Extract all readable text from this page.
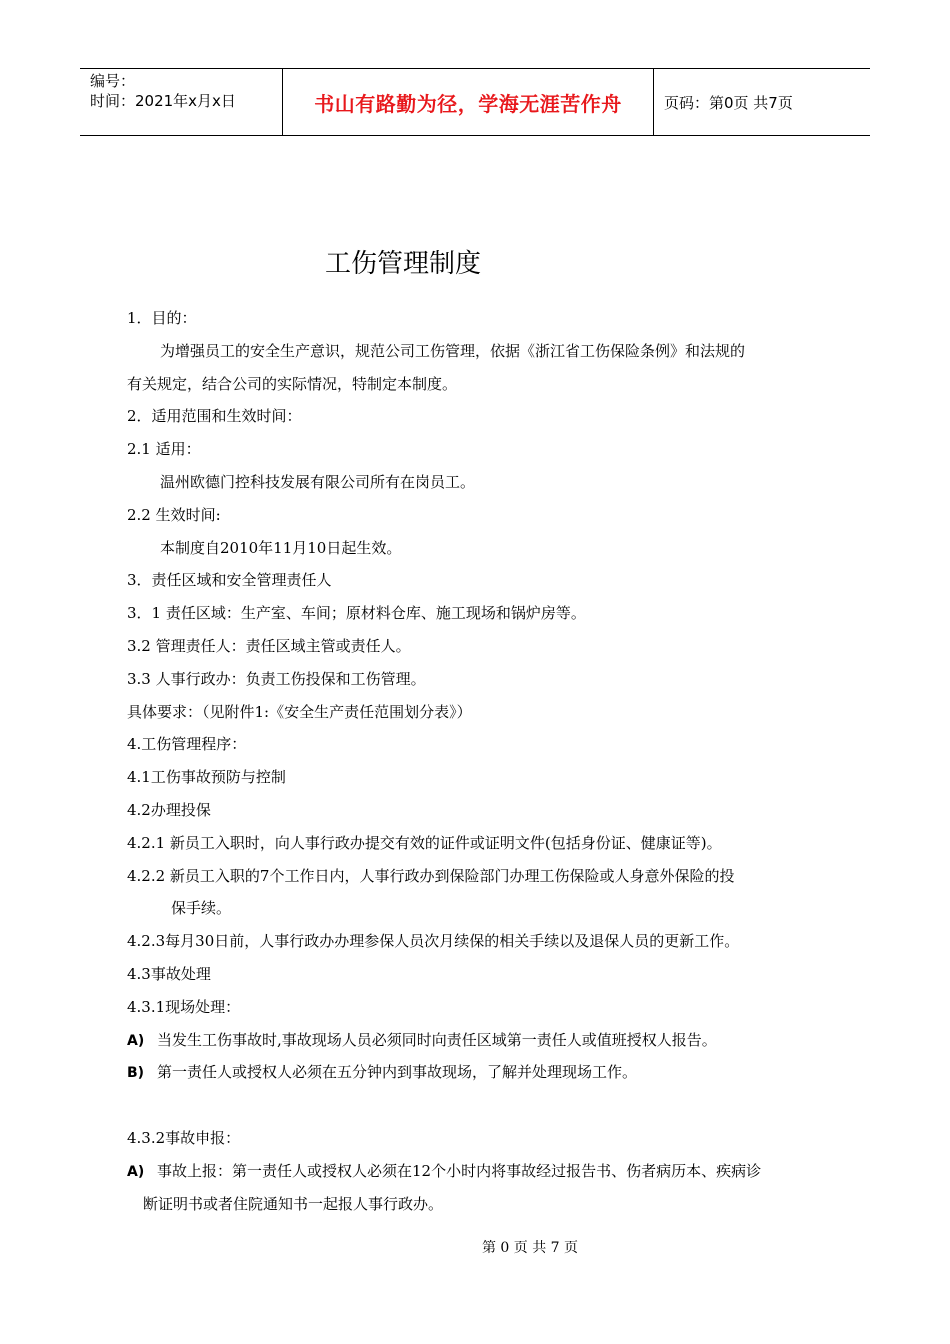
编号：
时间：2021年x月x日	书山有路勤为径，学海无涯苦作舟	页码：第0页 共7页
工伤管理制度
1．目的：
为增强员工的安全生产意识，规范公司工伤管理，依据《浙江省工伤保险条例》和法规的
有关规定，结合公司的实际情况，特制定本制度。
2．适用范围和生效时间：
2.1 适用：
温州欧德门控科技发展有限公司所有在岗员工。
2.2 生效时间:
本制度自2010年11月10日起生效。
3．责任区域和安全管理责任人
3．1 责任区域：生产室、车间；原材料仓库、施工现场和锅炉房等。
3.2 管理责任人：责任区域主管或责任人。
3.3 人事行政办：负责工伤投保和工伤管理。
具体要求：（见附件1:《安全生产责任范围划分表》）
4.工伤管理程序：
4.1工伤事故预防与控制
4.2办理投保
4.2.1 新员工入职时，向人事行政办提交有效的证件或证明文件(包括身份证、健康证等)。
4.2.2 新员工入职的7个工作日内，人事行政办到保险部门办理工伤保险或人身意外保险的投
保手续。
4.2.3每月30日前，人事行政办办理参保人员次月续保的相关手续以及退保人员的更新工作。
4.3事故处理
4.3.1现场处理：
A) 当发生工伤事故时,事故现场人员必须同时向责任区域第一责任人或值班授权人报告。
B) 第一责任人或授权人必须在五分钟内到事故现场，了解并处理现场工作。
4.3.2事故申报：
A) 事故上报：第一责任人或授权人必须在12个小时内将事故经过报告书、伤者病历本、疾病诊
断证明书或者住院通知书一起报人事行政办。
第 0 页 共 7 页
